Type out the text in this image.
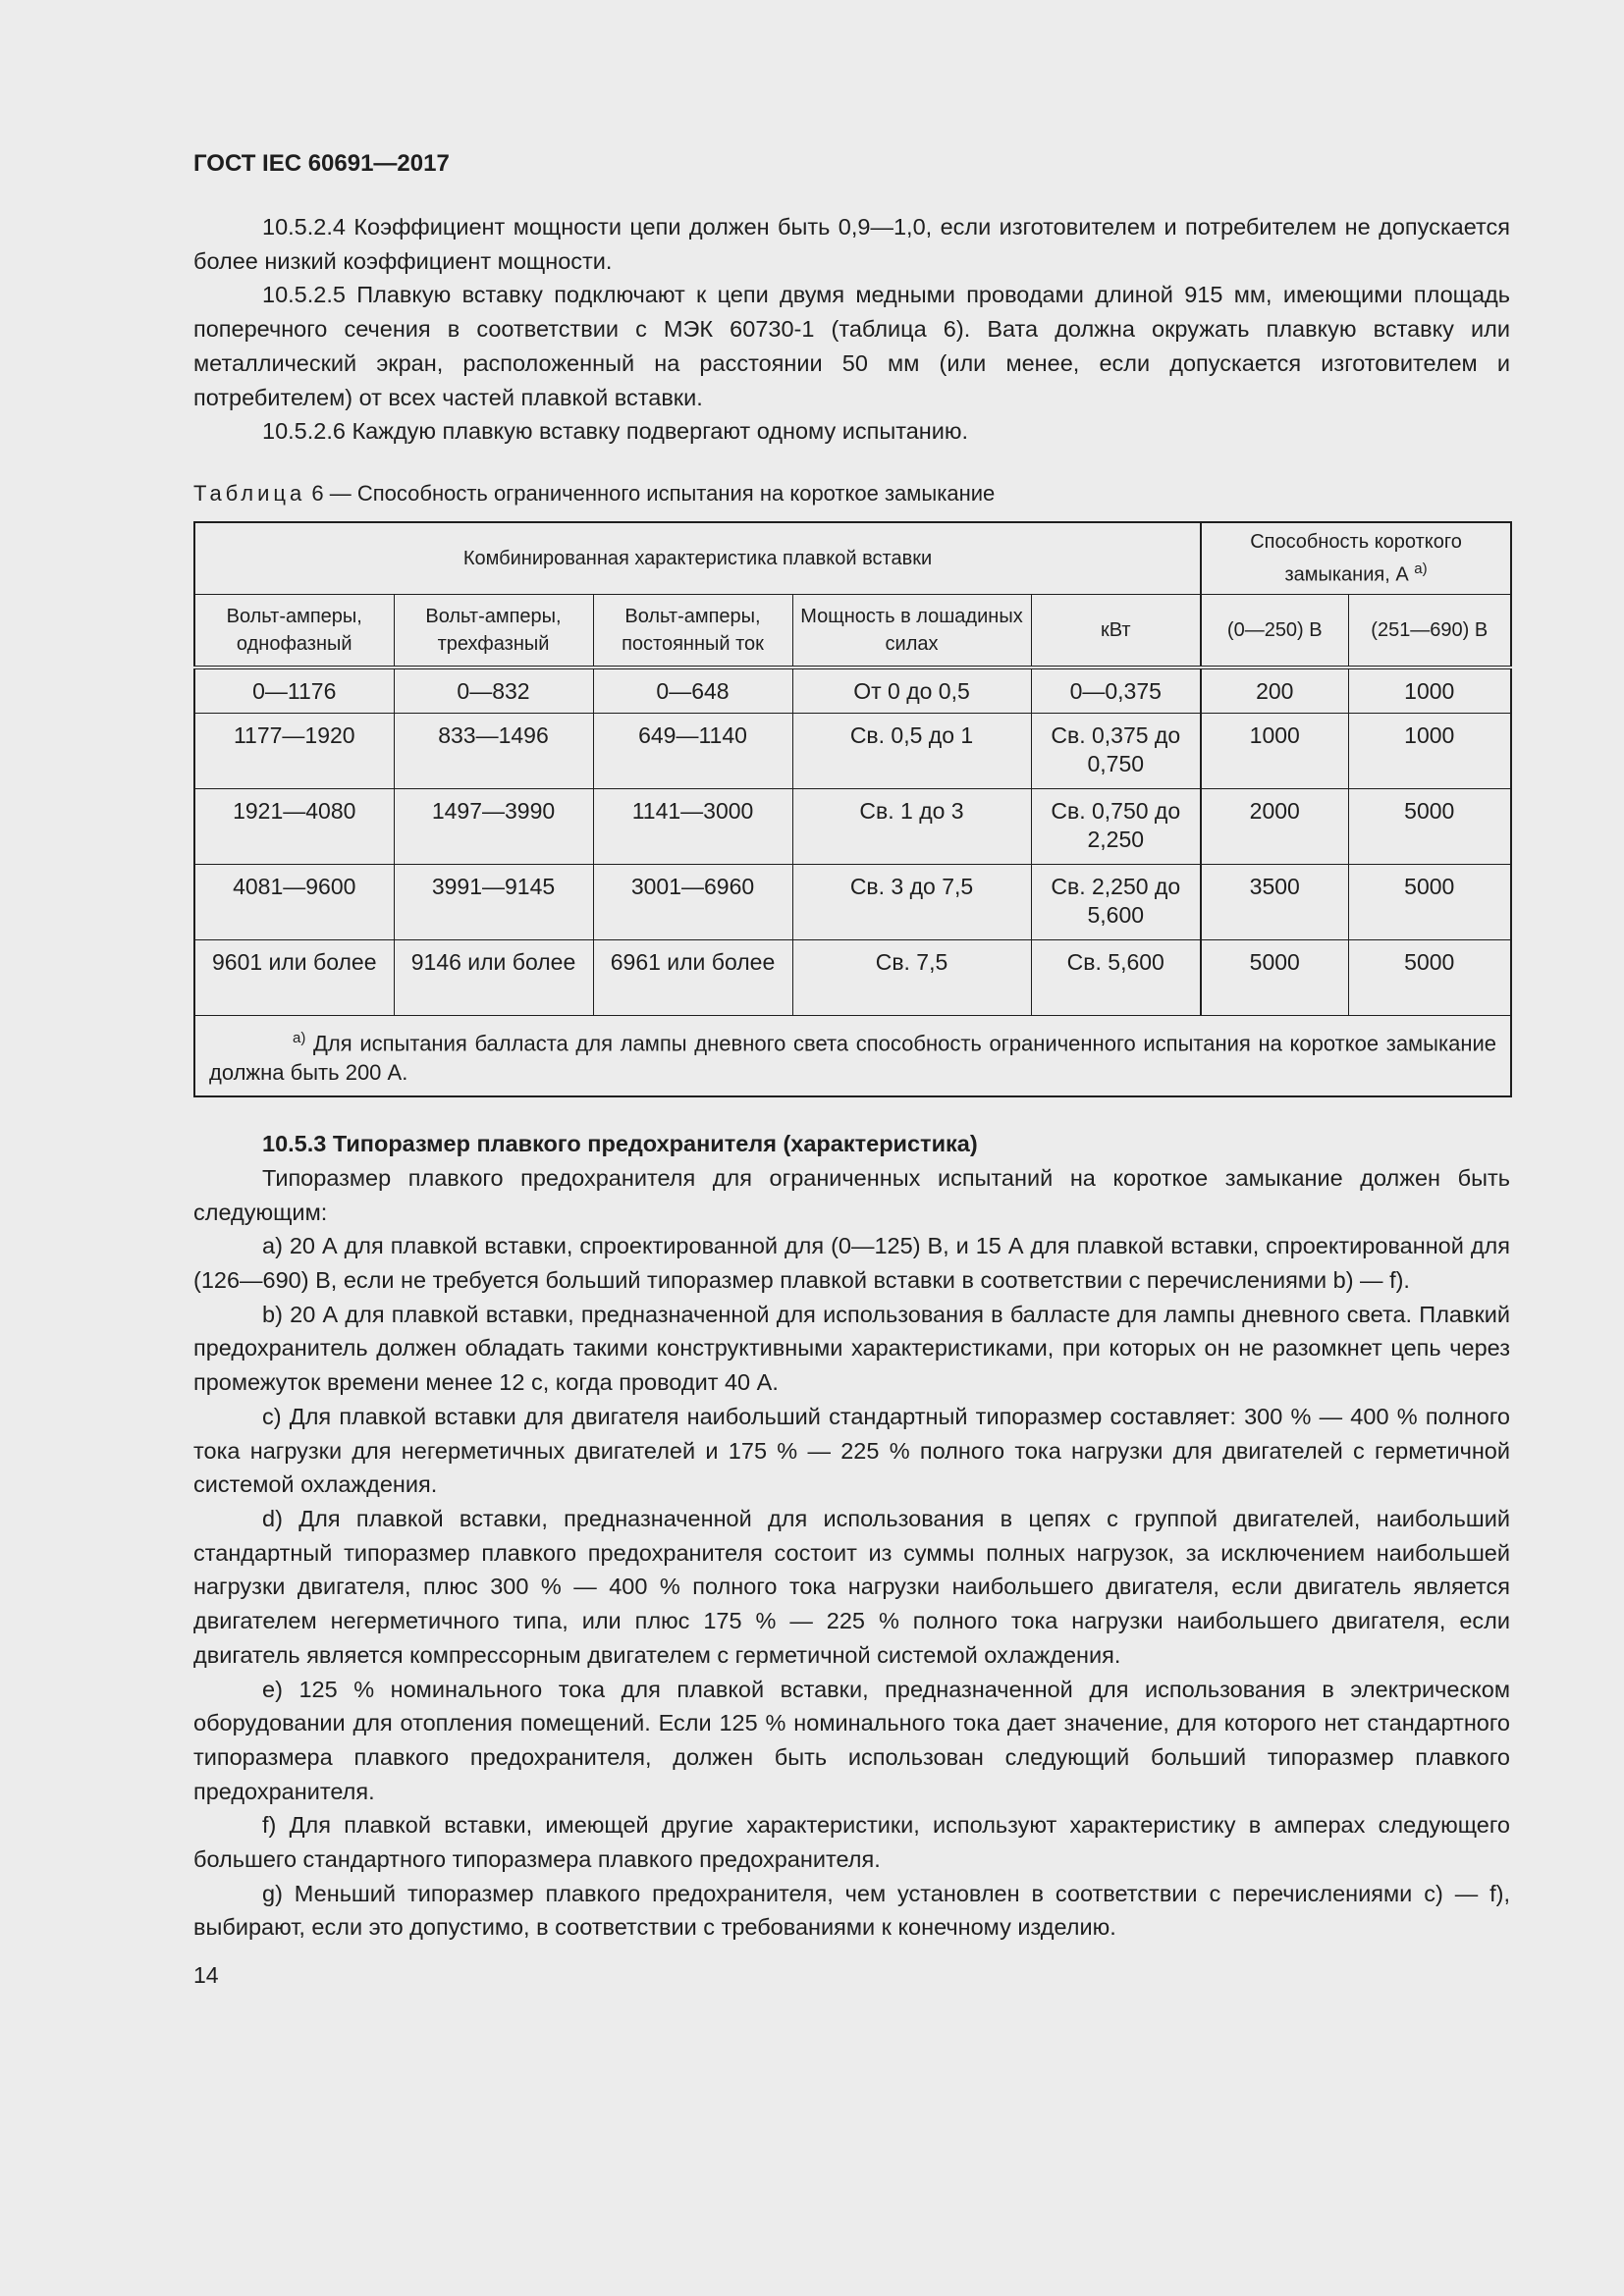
ГОСТ IEC 60691—2017

10.5.2.4 Коэффициент мощности цепи должен быть 0,9—1,0, если изготовителем и потребителем не допускается более низкий коэффициент мощности.

10.5.2.5 Плавкую вставку подключают к цепи двумя медными проводами длиной 915 мм, имеющими площадь поперечного сечения в соответствии с МЭК 60730-1 (таблица 6). Вата должна окружать плавкую вставку или металлический экран, расположенный на расстоянии 50 мм (или менее, если допускается изготовителем и потребителем) от всех частей плавкой вставки.

10.5.2.6 Каждую плавкую вставку подвергают одному испытанию.

Таблица 6 — Способность ограниченного испытания на короткое замыкание
Комбинированная характеристика плавкой вставки					Способность короткого замыкания, А $^{а)}$
Вольт-амперы, однофазный	Вольт-амперы, трехфазный	Вольт-амперы, постоянный ток	Мощность в лошадиных силах	кВт	(0—250) В	(251—690) В
0—1176	0—832	0—648	От 0 до 0,5	0—0,375	200	1000
1177—1920	833—1496	649—1140	Св. 0,5 до 1	Св. 0,375 до 0,750	1000	1000
1921—4080	1497—3990	1141—3000	Св. 1 до 3	Св. 0,750 до 2,250	2000	5000
4081—9600	3991—9145	3001—6960	Св. 3 до 7,5	Св. 2,250 до 5,600	3500	5000
9601 или более	9146 или более	6961 или более	Св. 7,5	Св. 5,600	5000	5000
$^{а)}$ Для испытания балласта для лампы дневного света способность ограниченного испытания на короткое замыкание должна быть 200 А.						
10.5.3 Типоразмер плавкого предохранителя (характеристика)

Типоразмер плавкого предохранителя для ограниченных испытаний на короткое замыкание должен быть следующим:

a) 20 А для плавкой вставки, спроектированной для (0—125) В, и 15 А для плавкой вставки, спроектированной для (126—690) В, если не требуется больший типоразмер плавкой вставки в соответствии с перечислениями b) — f).

b) 20 А для плавкой вставки, предназначенной для использования в балласте для лампы дневного света. Плавкий предохранитель должен обладать такими конструктивными характеристиками, при которых он не разомкнет цепь через промежуток времени менее 12 с, когда проводит 40 А.

c) Для плавкой вставки для двигателя наибольший стандартный типоразмер составляет: 300 % — 400 % полного тока нагрузки для негерметичных двигателей и 175 % — 225 % полного тока нагрузки для двигателей с герметичной системой охлаждения.

d) Для плавкой вставки, предназначенной для использования в цепях с группой двигателей, наибольший стандартный типоразмер плавкого предохранителя состоит из суммы полных нагрузок, за исключением наибольшей нагрузки двигателя, плюс 300 % — 400 % полного тока нагрузки наибольшего двигателя, если двигатель является двигателем негерметичного типа, или плюс 175 % — 225 % полного тока нагрузки наибольшего двигателя, если двигатель является компрессорным двигателем с герметичной системой охлаждения.

e) 125 % номинального тока для плавкой вставки, предназначенной для использования в электрическом оборудовании для отопления помещений. Если 125 % номинального тока дает значение, для которого нет стандартного типоразмера плавкого предохранителя, должен быть использован следующий больший типоразмер плавкого предохранителя.

f) Для плавкой вставки, имеющей другие характеристики, используют характеристику в амперах следующего большего стандартного типоразмера плавкого предохранителя.

g) Меньший типоразмер плавкого предохранителя, чем установлен в соответствии с перечислениями c) — f), выбирают, если это допустимо, в соответствии с требованиями к конечному изделию.

14
